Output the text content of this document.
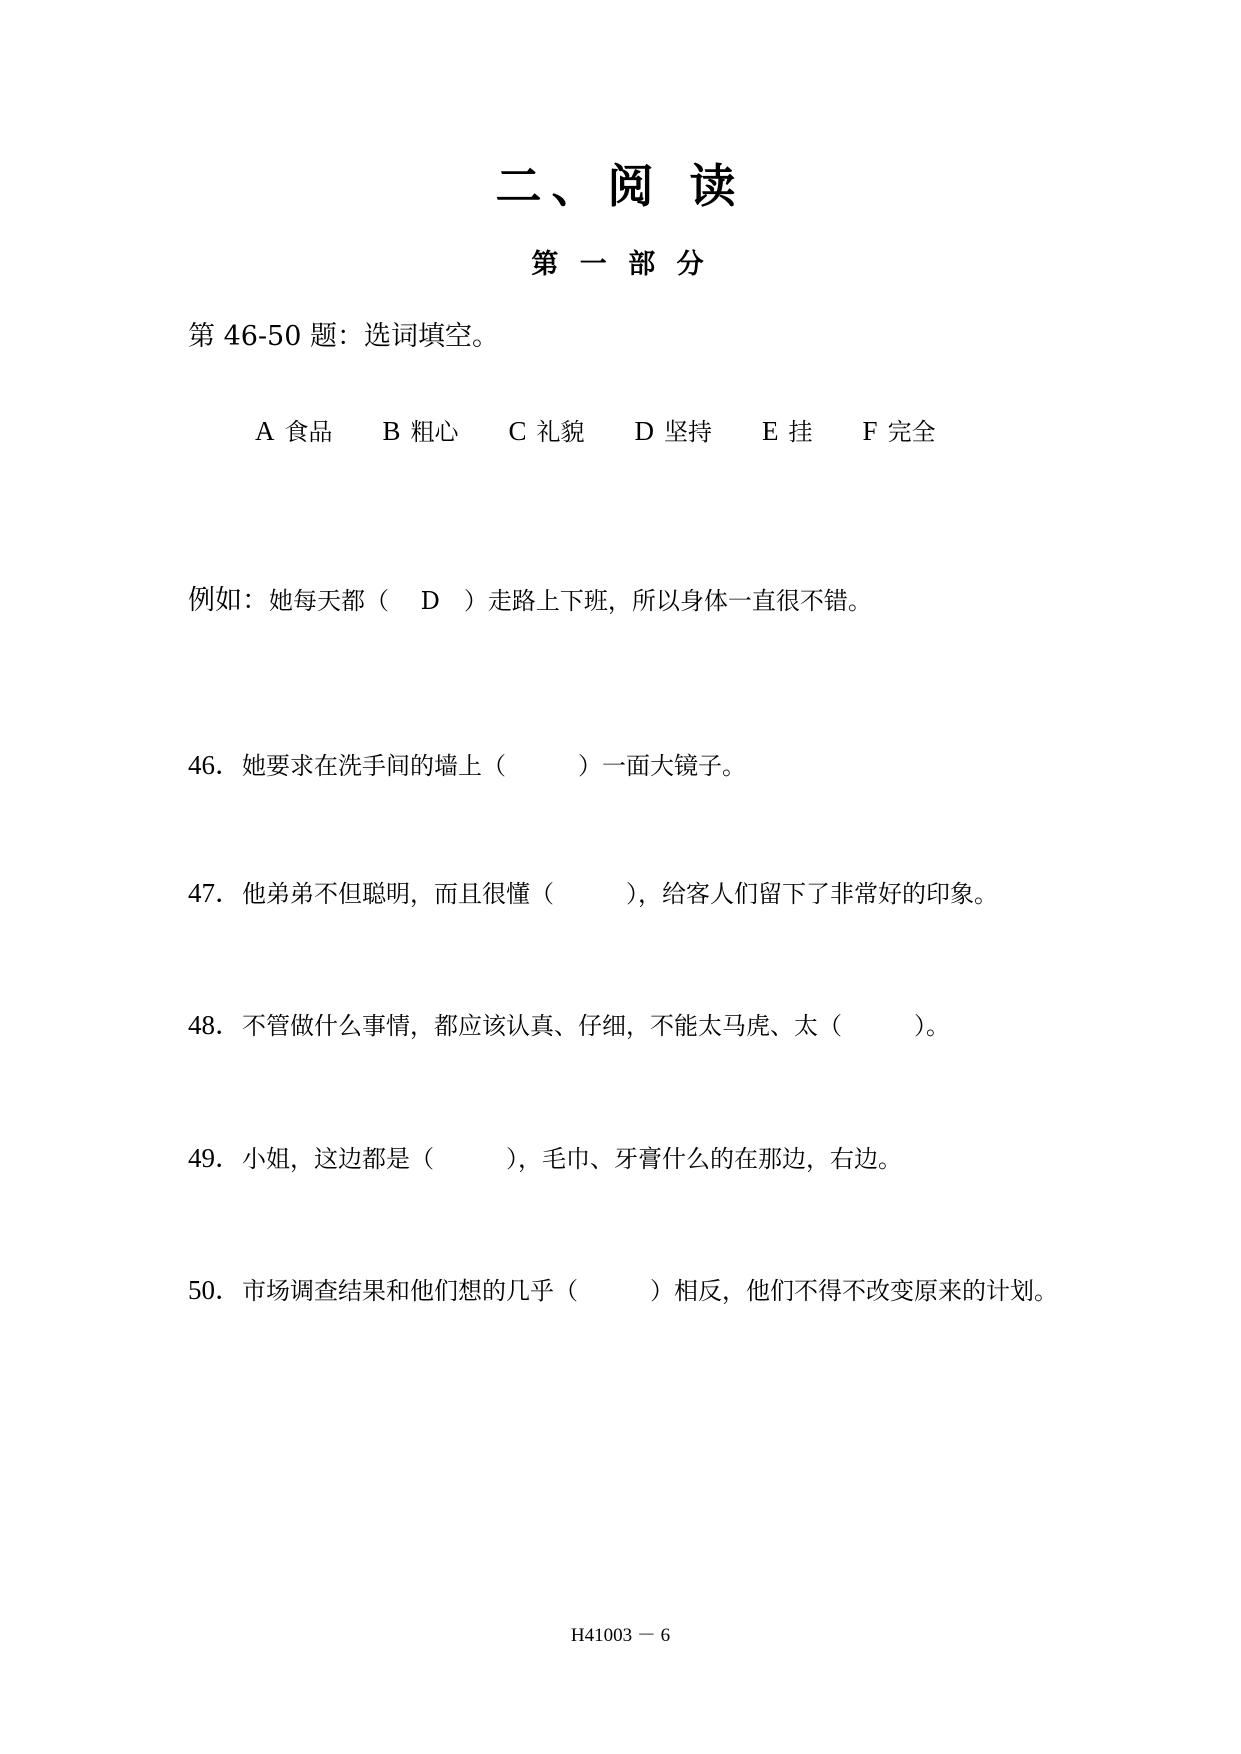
二、阅 读
第 一 部 分
第 46-50 题：选词填空。
A 食品 B 粗心 C 礼貌 D 坚持 E 挂 F 完全
例如：她每天都（　 D　）走路上下班，所以身体一直很不错。
46．她要求在洗手间的墙上（　　　）一面大镜子。
47．他弟弟不但聪明，而且很懂（　　　），给客人们留下了非常好的印象。
48．不管做什么事情，都应该认真、仔细，不能太马虎、太（　　　）。
49．小姐，这边都是（　　　），毛巾、牙膏什么的在那边，右边。
50．市场调查结果和他们想的几乎（　　　）相反，他们不得不改变原来的计划。
H41003 － 6
